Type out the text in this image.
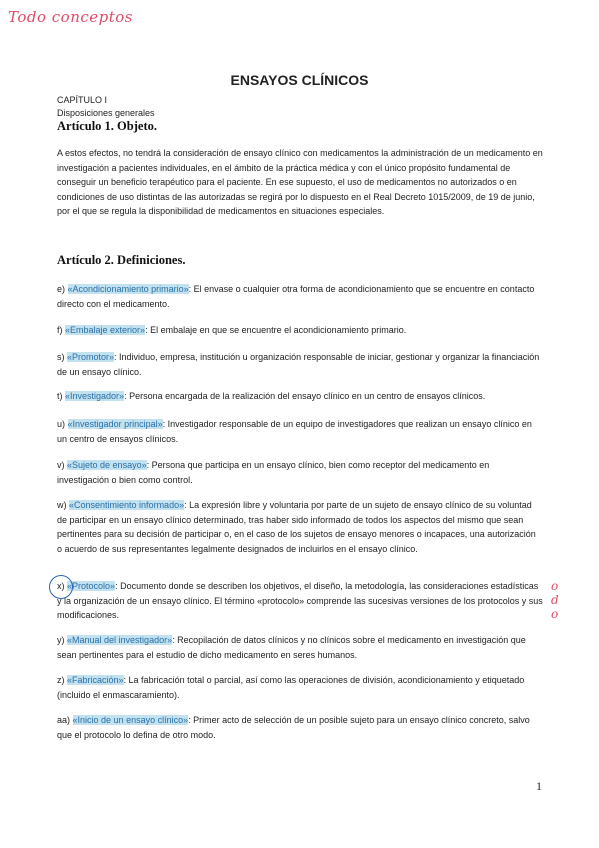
Todo conceptos
ENSAYOS CLÍNICOS
CAPÍTULO I
Disposiciones generales
Artículo 1. Objeto.
A estos efectos, no tendrá la consideración de ensayo clínico con medicamentos la administración de un medicamento en investigación a pacientes individuales, en el ámbito de la práctica médica y con el único propósito fundamental de conseguir un beneficio terapéutico para el paciente. En ese supuesto, el uso de medicamentos no autorizados o en condiciones de uso distintas de las autorizadas se regirá por lo dispuesto en el Real Decreto 1015/2009, de 19 de junio, por el que se regula la disponibilidad de medicamentos en situaciones especiales.
Artículo 2. Definiciones.
e) «Acondicionamiento primario»: El envase o cualquier otra forma de acondicionamiento que se encuentre en contacto directo con el medicamento.
f) «Embalaje exterior»: El embalaje en que se encuentre el acondicionamiento primario.
s) «Promotor»: Individuo, empresa, institución u organización responsable de iniciar, gestionar y organizar la financiación de un ensayo clínico.
t) «Investigador»: Persona encargada de la realización del ensayo clínico en un centro de ensayos clínicos.
u) «Investigador principal»: Investigador responsable de un equipo de investigadores que realizan un ensayo clínico en un centro de ensayos clínicos.
v) «Sujeto de ensayo»: Persona que participa en un ensayo clínico, bien como receptor del medicamento en investigación o bien como control.
w) «Consentimiento informado»: La expresión libre y voluntaria por parte de un sujeto de ensayo clínico de su voluntad de participar en un ensayo clínico determinado, tras haber sido informado de todos los aspectos del mismo que sean pertinentes para su decisión de participar o, en el caso de los sujetos de ensayo menores o incapaces, una autorización o acuerdo de sus representantes legalmente designados de incluirlos en el ensayo clínico.
x) «Protocolo»: Documento donde se describen los objetivos, el diseño, la metodología, las consideraciones estadísticas y la organización de un ensayo clínico. El término «protocolo» comprende las sucesivas versiones de los protocolos y sus modificaciones.
y) «Manual del investigador»: Recopilación de datos clínicos y no clínicos sobre el medicamento en investigación que sean pertinentes para el estudio de dicho medicamento en seres humanos.
z) «Fabricación»: La fabricación total o parcial, así como las operaciones de división, acondicionamiento y etiquetado (incluido el enmascaramiento).
aa) «Inicio de un ensayo clínico»: Primer acto de selección de un posible sujeto para un ensayo clínico concreto, salvo que el protocolo lo defina de otro modo.
o
d
o
1
